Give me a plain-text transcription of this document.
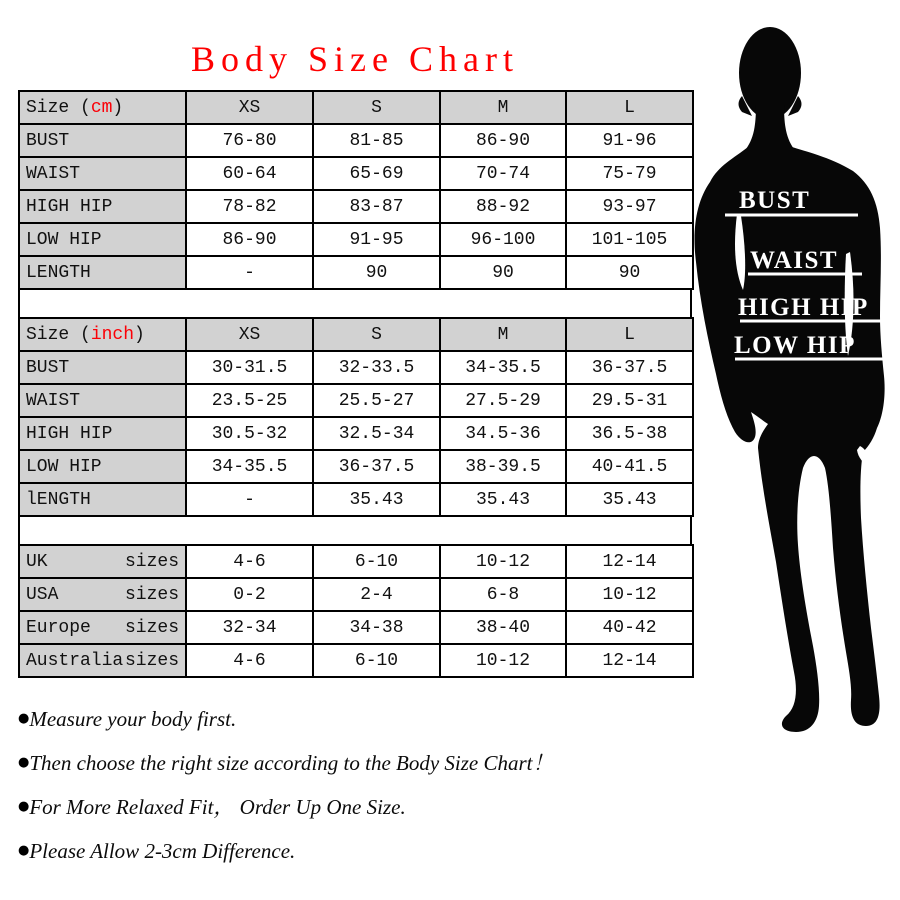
Body Size Chart
Size (cm)	XS	S	M	L
BUST	76-80	81-85	86-90	91-96
WAIST	60-64	65-69	70-74	75-79
HIGH HIP	78-82	83-87	88-92	93-97
LOW HIP	86-90	91-95	96-100	101-105
LENGTH	-	90	90	90
Size (inch)	XS	S	M	L
BUST	30-31.5	32-33.5	34-35.5	36-37.5
WAIST	23.5-25	25.5-27	27.5-29	29.5-31
HIGH HIP	30.5-32	32.5-34	34.5-36	36.5-38
LOW HIP	34-35.5	36-37.5	38-39.5	40-41.5
lENGTH	-	35.43	35.43	35.43
UK sizes	4-6	6-10	10-12	12-14

USA sizes	0-2	2-4	6-8	10-12

Europe sizes	32-34	34-38	38-40	40-42

Australia sizes	4-6	6-10	10-12	12-14
● Measure your body first.
● Then choose the right size according to the Body Size Chart！
● For More Relaxed Fit， Order Up One Size.
● Please Allow 2-3cm Difference.
BUST
WAIST
HIGH HIP
LOW HIP
